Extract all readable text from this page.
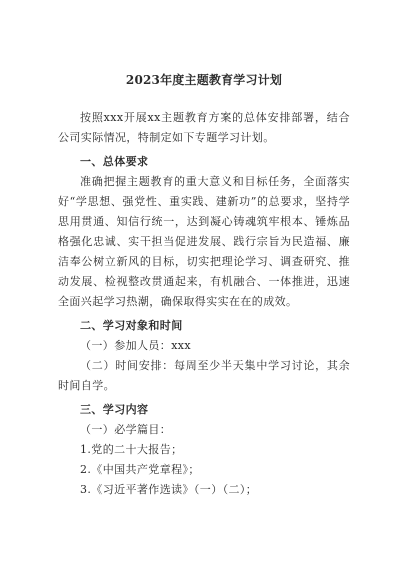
2023年度主题教育学习计划

按照xxx开展xx主题教育方案的总体安排部署，结合公司实际情况，特制定如下专题学习计划。

一、总体要求

准确把握主题教育的重大意义和目标任务，全面落实好“学思想、强党性、重实践、建新功”的总要求，坚持学思用贯通、知信行统一，达到凝心铸魂筑牢根本、锤炼品格强化忠诚、实干担当促进发展、践行宗旨为民造福、廉洁奉公树立新风的目标，切实把理论学习、调查研究、推动发展、检视整改贯通起来，有机融合、一体推进，迅速全面兴起学习热潮，确保取得实实在在的成效。

二、学习对象和时间

（一）参加人员：xxx

（二）时间安排：每周至少半天集中学习讨论，其余时间自学。

三、学习内容

（一）必学篇目：

1.党的二十大报告；

2.《中国共产党章程》；

3.《习近平著作选读》（一）（二）；
